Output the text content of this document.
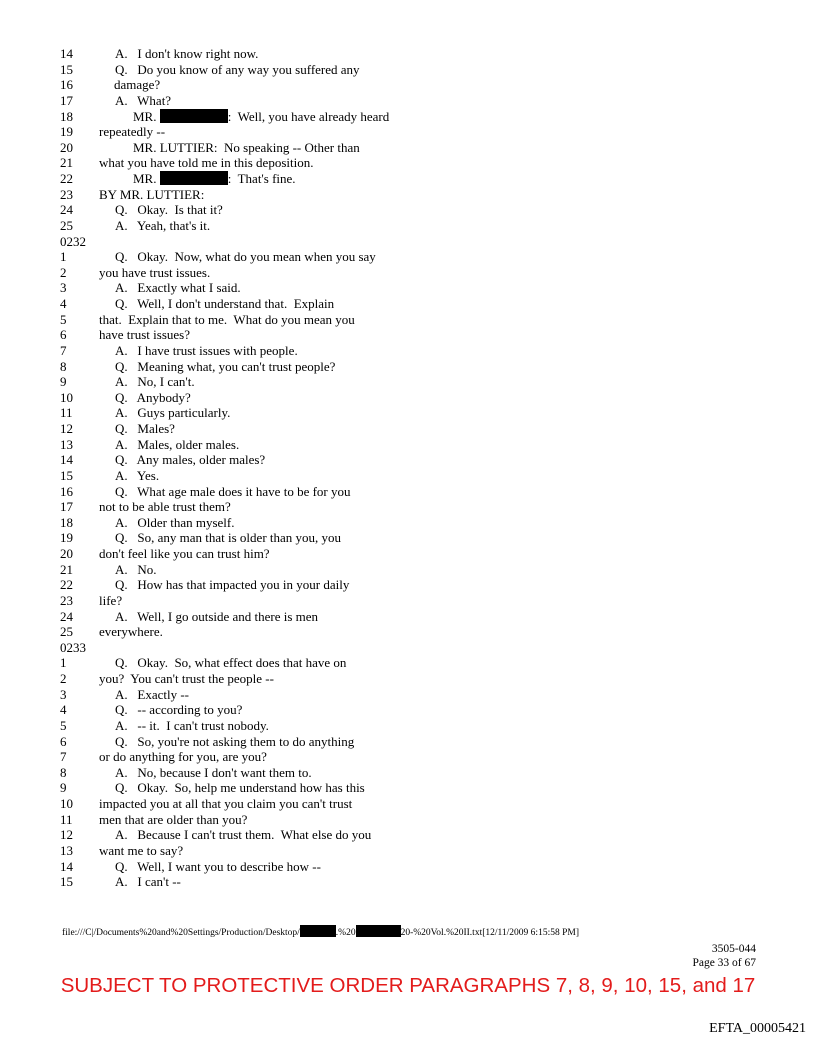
14	A.   I don't know right now.
15	Q.   Do you know of any way you suffered any
16	damage?
17	A.   What?
18	MR.	:  Well, you have already heard
19	repeatedly --
20	MR. LUTTIER:  No speaking -- Other than
21	what you have told me in this deposition.
22	MR.	:  That's fine.
23	BY MR. LUTTIER:
24	Q.   Okay.  Is that it?
25	A.   Yeah, that's it.
0232
1	Q.   Okay.  Now, what do you mean when you say
2	you have trust issues.
3	A.   Exactly what I said.
4	Q.   Well, I don't understand that.  Explain
5	that.  Explain that to me.  What do you mean you
6	have trust issues?
7	A.   I have trust issues with people.
8	Q.   Meaning what, you can't trust people?
9	A.   No, I can't.
10	Q.   Anybody?
11	A.   Guys particularly.
12	Q.   Males?
13	A.   Males, older males.
14	Q.   Any males, older males?
15	A.   Yes.
16	Q.   What age male does it have to be for you
17	not to be able trust them?
18	A.   Older than myself.
19	Q.   So, any man that is older than you, you
20	don't feel like you can trust him?
21	A.   No.
22	Q.   How has that impacted you in your daily
23	life?
24	A.   Well, I go outside and there is men
25	everywhere.
0233
1	Q.   Okay.  So, what effect does that have on
2	you?  You can't trust the people --
3	A.   Exactly --
4	Q.   -- according to you?
5	A.   -- it.  I can't trust nobody.
6	Q.   So, you're not asking them to do anything
7	or do anything for you, are you?
8	A.   No, because I don't want them to.
9	Q.   Okay.  So, help me understand how has this
10	impacted you at all that you claim you can't trust
11	men that are older than you?
12	A.   Because I can't trust them.  What else do you
13	want me to say?
14	Q.   Well, I want you to describe how --
15	A.   I can't --
file:///C|/Documents%20and%20Settings/Production/Desktop/	.%20	20-%20Vol.%20II.txt[12/11/2009 6:15:58 PM]
3505-044
Page 33 of 67
SUBJECT TO PROTECTIVE ORDER PARAGRAPHS 7, 8, 9, 10, 15, and 17
EFTA_00005421
